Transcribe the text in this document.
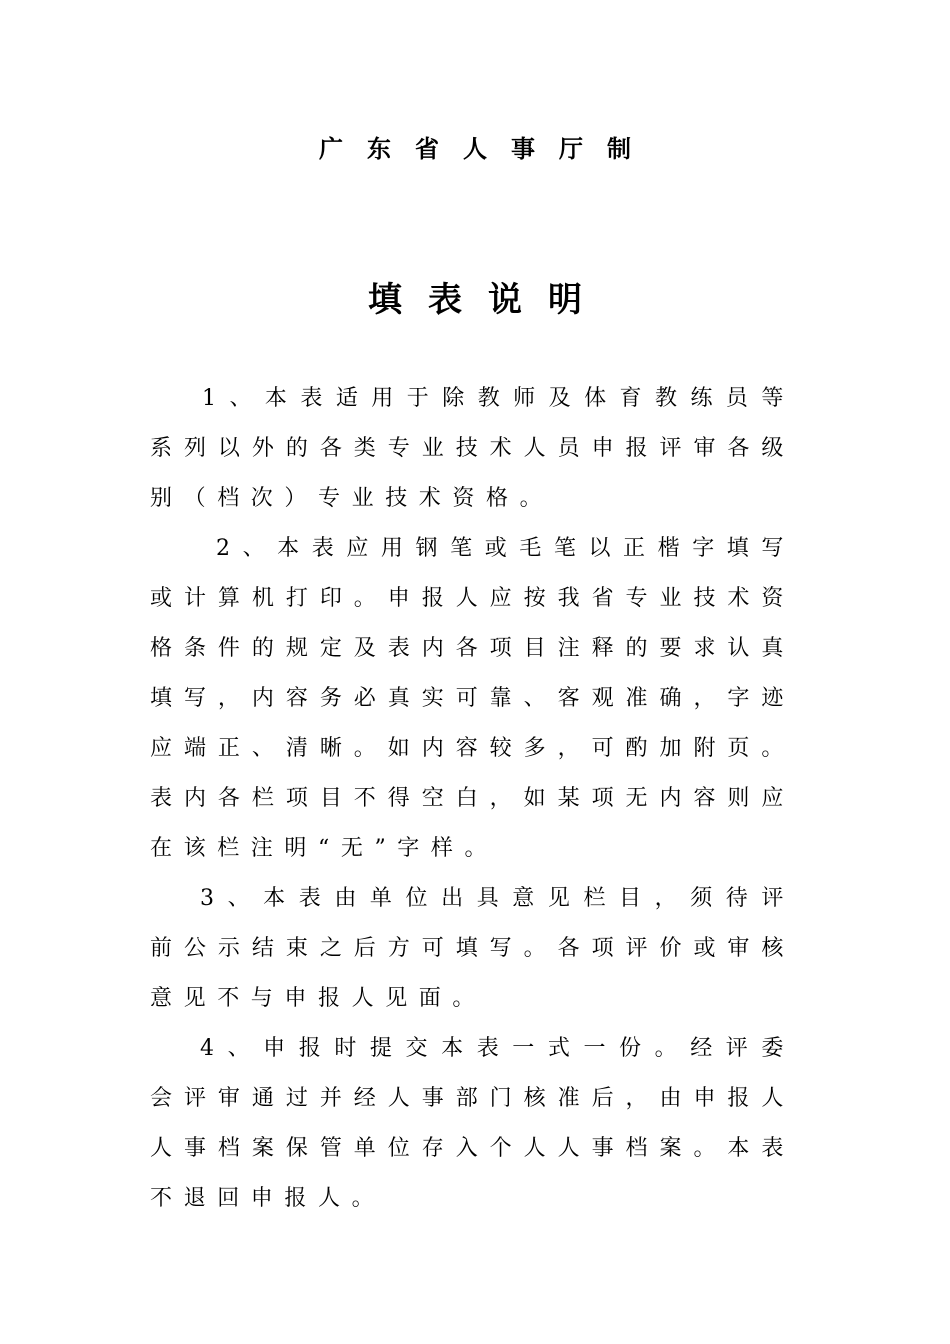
广东省人事厅制
填表说明

1、本表适用于除教师及体育教练员等系列以外的各类专业技术人员申报评审各级别（档次）专业技术资格。

2、本表应用钢笔或毛笔以正楷字填写或计算机打印。申报人应按我省专业技术资格条件的规定及表内各项目注释的要求认真填写，内容务必真实可靠、客观准确，字迹应端正、清晰。如内容较多，可酌加附页。表内各栏项目不得空白，如某项无内容则应在该栏注明“无”字样。

3、本表由单位出具意见栏目，须待评前公示结束之后方可填写。各项评价或审核意见不与申报人见面。

4、申报时提交本表一式一份。经评委会评审通过并经人事部门核准后，由申报人人事档案保管单位存入个人人事档案。本表不退回申报人。
